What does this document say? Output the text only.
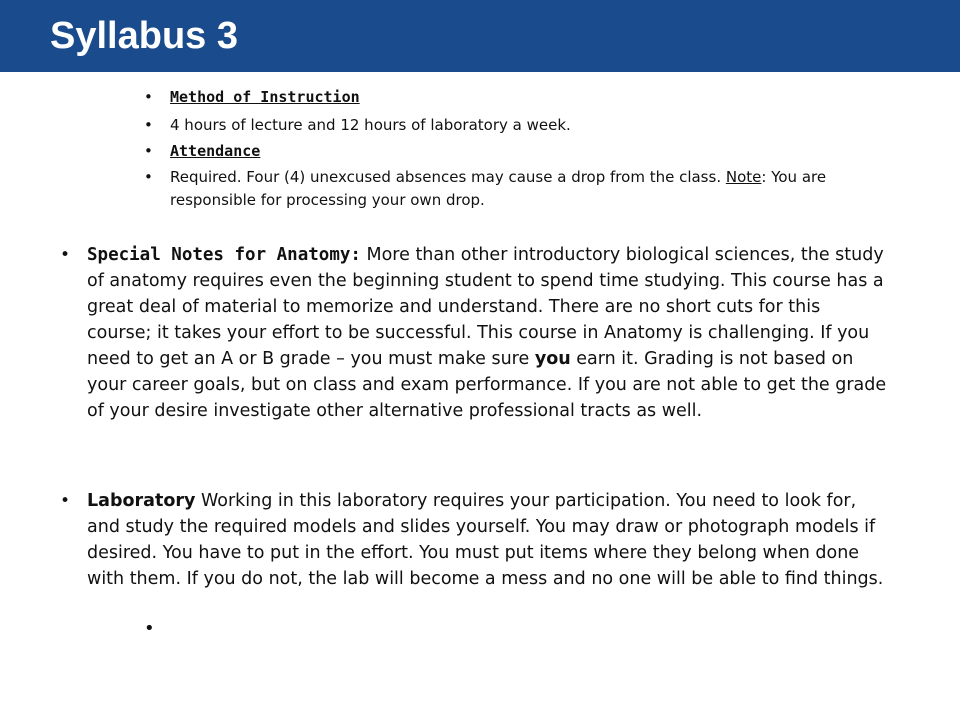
Syllabus 3
• Method of Instruction
• 4 hours of lecture and 12 hours of laboratory a week.
• Attendance
• Required. Four (4) unexcused absences may cause a drop from the class. Note: You are responsible for processing your own drop.
• Special Notes for Anatomy: More than other introductory biological sciences, the study of anatomy requires even the beginning student to spend time studying. This course has a great deal of material to memorize and understand. There are no short cuts for this course; it takes your effort to be successful. This course in Anatomy is challenging. If you need to get an A or B grade – you must make sure you earn it. Grading is not based on your career goals, but on class and exam performance. If you are not able to get the grade of your desire investigate other alternative professional tracts as well.
• Laboratory Working in this laboratory requires your participation. You need to look for, and study the required models and slides yourself. You may draw or photograph models if desired. You have to put in the effort. You must put items where they belong when done with them. If you do not, the lab will become a mess and no one will be able to find things.
•
